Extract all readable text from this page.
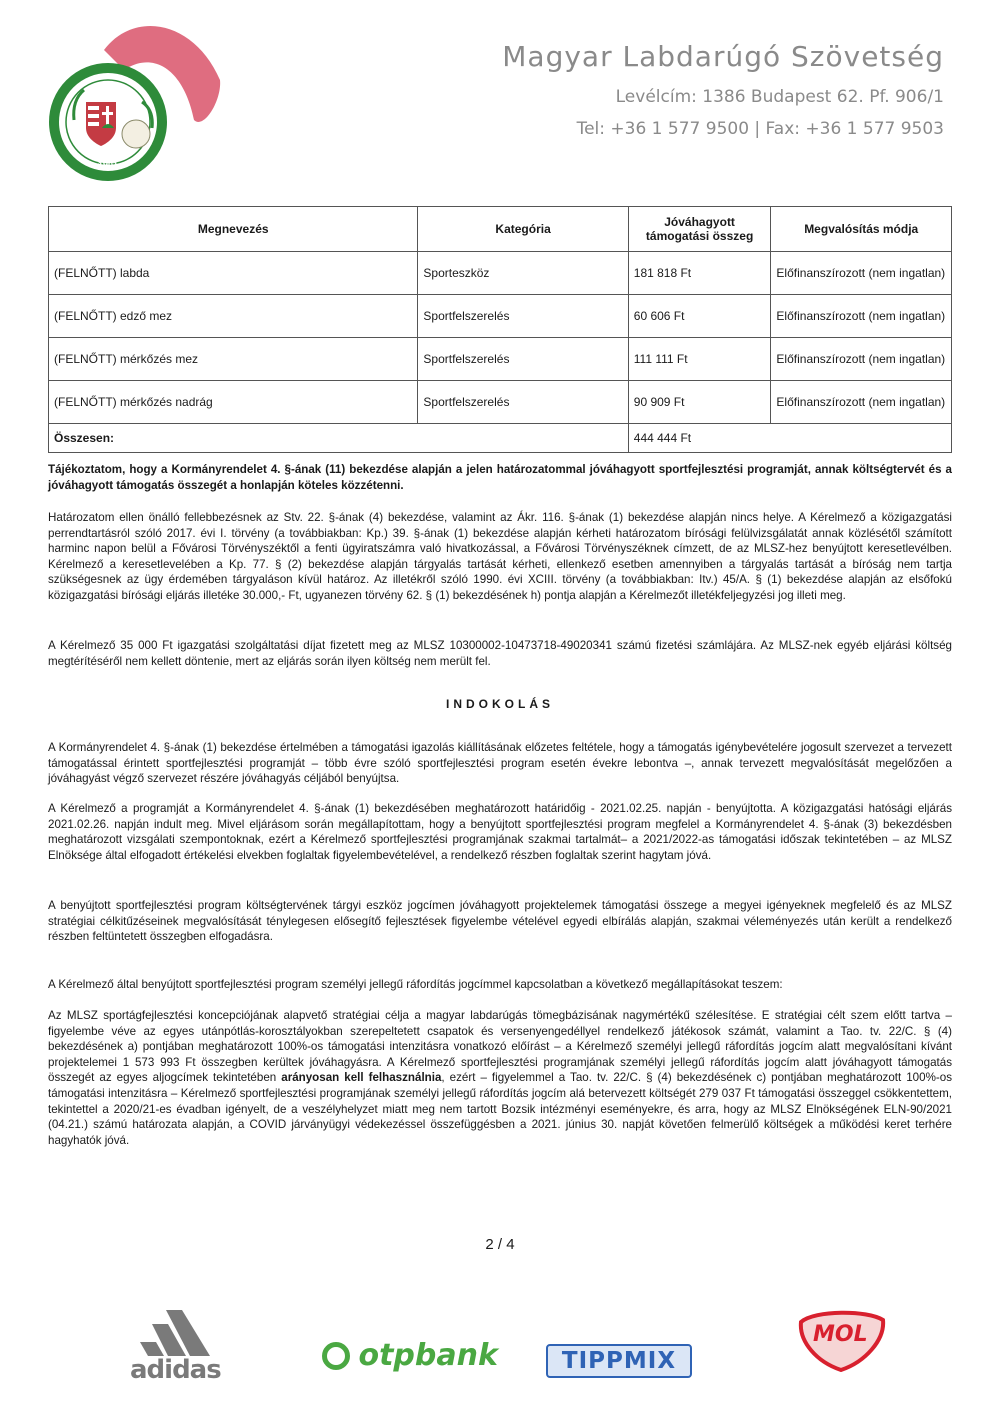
1901
Magyar Labdarúgó Szövetség
Levélcím: 1386 Budapest 62. Pf. 906/1
Tel: +36 1 577 9500 | Fax: +36 1 577 9503
Megnevezés	Kategória	Jóváhagyott támogatási összeg	Megvalósítás módja
(FELNŐTT) labda	Sporteszköz	181 818 Ft	Előfinanszírozott (nem ingatlan)
(FELNŐTT) edző mez	Sportfelszerelés	60 606 Ft	Előfinanszírozott (nem ingatlan)
(FELNŐTT) mérkőzés mez	Sportfelszerelés	111 111 Ft	Előfinanszírozott (nem ingatlan)
(FELNŐTT) mérkőzés nadrág	Sportfelszerelés	90 909 Ft	Előfinanszírozott (nem ingatlan)
Összesen:		444 444 Ft	
Tájékoztatom, hogy a Kormányrendelet 4. §-ának (11) bekezdése alapján a jelen határozatommal jóváhagyott sportfejlesztési programját, annak költségtervét és a jóváhagyott támogatás összegét a honlapján köteles közzétenni.
Határozatom ellen önálló fellebbezésnek az Stv. 22. §-ának (4) bekezdése, valamint az Ákr. 116. §-ának (1) bekezdése alapján nincs helye. A Kérelmező a közigazgatási perrendtartásról szóló 2017. évi I. törvény (a továbbiakban: Kp.) 39. §-ának (1) bekezdése alapján kérheti határozatom bírósági felülvizsgálatát annak közlésétől számított harminc napon belül a Fővárosi Törvényszéktől a fenti ügyiratszámra való hivatkozással, a Fővárosi Törvényszéknek címzett, de az MLSZ-hez benyújtott keresetlevélben. Kérelmező a keresetlevelében a Kp. 77. § (2) bekezdése alapján tárgyalás tartását kérheti, ellenkező esetben amennyiben a tárgyalás tartását a bíróság nem tartja szükségesnek az ügy érdemében tárgyaláson kívül határoz. Az illetékről szóló 1990. évi XCIII. törvény (a továbbiakban: Itv.) 45/A. § (1) bekezdése alapján az elsőfokú közigazgatási bírósági eljárás illetéke 30.000,- Ft, ugyanezen törvény 62. § (1) bekezdésének h) pontja alapján a Kérelmezőt illetékfeljegyzési jog illeti meg.
A Kérelmező 35 000 Ft igazgatási szolgáltatási díjat fizetett meg az MLSZ 10300002-10473718-49020341 számú fizetési számlájára. Az MLSZ-nek egyéb eljárási költség megtérítéséről nem kellett döntenie, mert az eljárás során ilyen költség nem merült fel.
INDOKOLÁS
A Kormányrendelet 4. §-ának (1) bekezdése értelmében a támogatási igazolás kiállításának előzetes feltétele, hogy a támogatás igénybevételére jogosult szervezet a tervezett támogatással érintett sportfejlesztési programját – több évre szóló sportfejlesztési program esetén évekre lebontva –, annak tervezett megvalósítását megelőzően a jóváhagyást végző szervezet részére jóváhagyás céljából benyújtsa.
A Kérelmező a programját a Kormányrendelet 4. §-ának (1) bekezdésében meghatározott határidőig - 2021.02.25. napján - benyújtotta. A közigazgatási hatósági eljárás 2021.02.26. napján indult meg. Mivel eljárásom során megállapítottam, hogy a benyújtott sportfejlesztési program megfelel a Kormányrendelet 4. §-ának (3) bekezdésben meghatározott vizsgálati szempontoknak, ezért a Kérelmező sportfejlesztési programjának szakmai tartalmát– a 2021/2022-as támogatási időszak tekintetében – az MLSZ Elnöksége által elfogadott értékelési elvekben foglaltak figyelembevételével, a rendelkező részben foglaltak szerint hagytam jóvá.
A benyújtott sportfejlesztési program költségtervének tárgyi eszköz jogcímen jóváhagyott projektelemek támogatási összege a megyei igényeknek megfelelő és az MLSZ stratégiai célkitűzéseinek megvalósítását ténylegesen elősegítő fejlesztések figyelembe vételével egyedi elbírálás alapján, szakmai véleményezés után került a rendelkező részben feltüntetett összegben elfogadásra.
A Kérelmező által benyújtott sportfejlesztési program személyi jellegű ráfordítás jogcímmel kapcsolatban a következő megállapításokat teszem:
Az MLSZ sportágfejlesztési koncepciójának alapvető stratégiai célja a magyar labdarúgás tömegbázisának nagymértékű szélesítése. E stratégiai célt szem előtt tartva – figyelembe véve az egyes utánpótlás-korosztályokban szerepeltetett csapatok és versenyengedéllyel rendelkező játékosok számát, valamint a Tao. tv. 22/C. § (4) bekezdésének a) pontjában meghatározott 100%-os támogatási intenzitásra vonatkozó előírást – a Kérelmező személyi jellegű ráfordítás jogcím alatt megvalósítani kívánt projektelemei 1 573 993 Ft összegben kerültek jóváhagyásra. A Kérelmező sportfejlesztési programjának személyi jellegű ráfordítás jogcím alatt jóváhagyott támogatás összegét az egyes aljogcímek tekintetében arányosan kell felhasználnia, ezért – figyelemmel a Tao. tv. 22/C. § (4) bekezdésének c) pontjában meghatározott 100%-os támogatási intenzitásra – Kérelmező sportfejlesztési programjának személyi jellegű ráfordítás jogcím alá betervezett költségét 279 037 Ft támogatási összeggel csökkentettem, tekintettel a 2020/21-es évadban igényelt, de a veszélyhelyzet miatt meg nem tartott Bozsik intézményi eseményekre, és arra, hogy az MLSZ Elnökségének ELN-90/2021 (04.21.) számú határozata alapján, a COVID járványügyi védekezéssel összefüggésben a 2021. június 30. napját követően felmerülő költségek a működési keret terhére hagyhatók jóvá.
2 / 4
adidas	otpbank	TIPPMIX
MOL
